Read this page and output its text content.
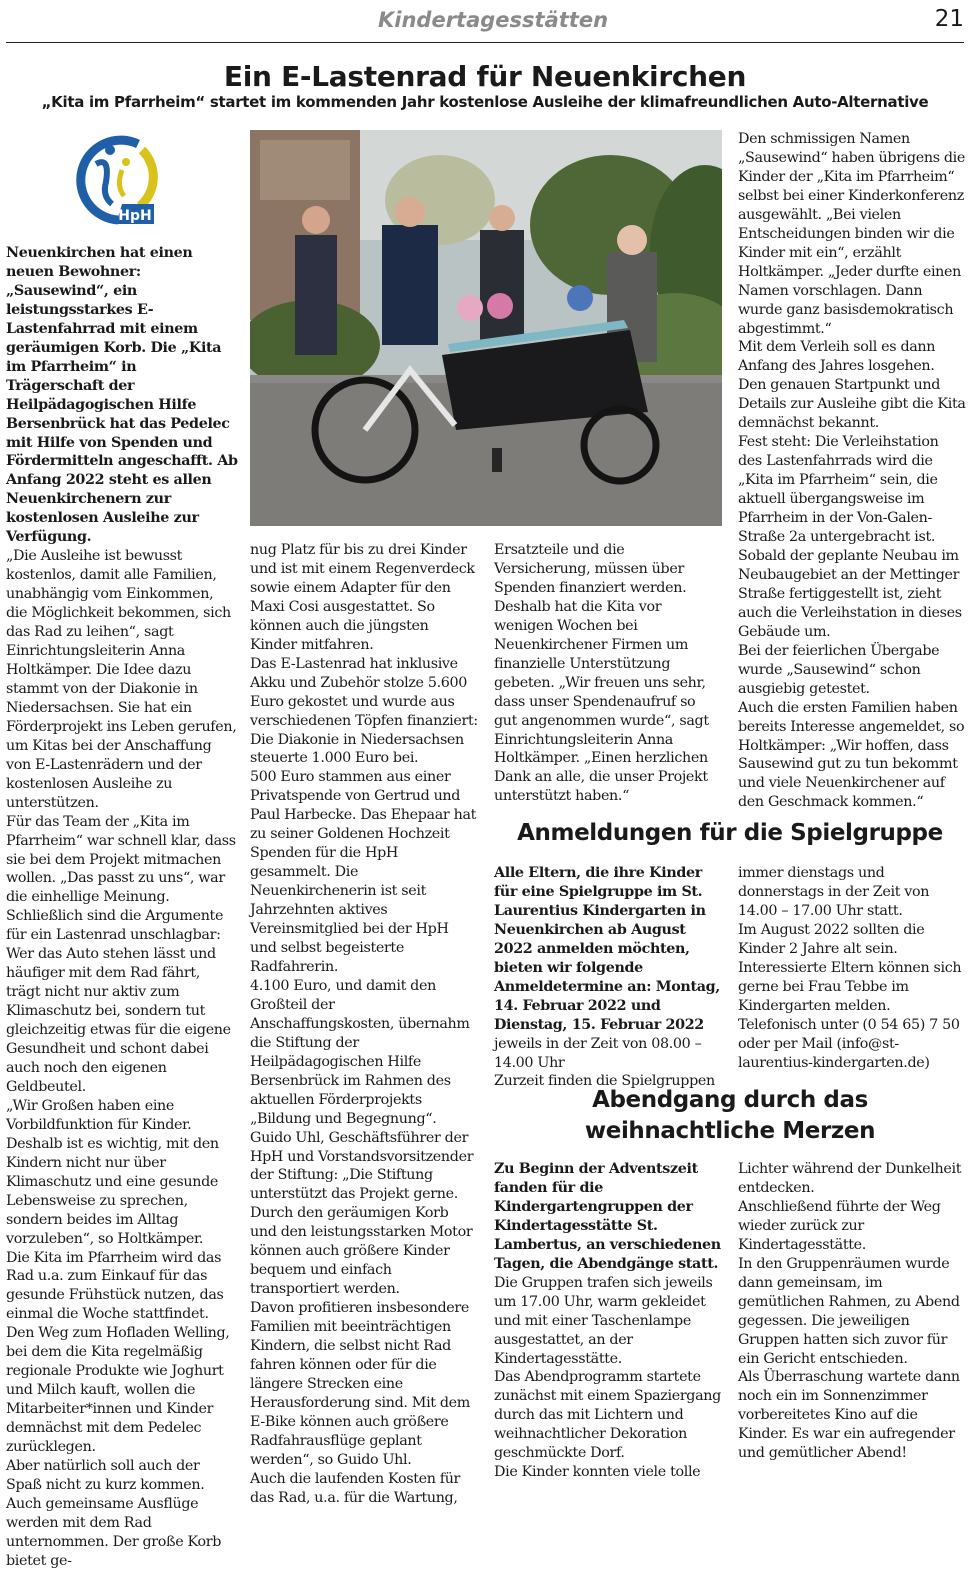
Kindertagesstätten	21
Ein E-Lastenrad für Neuenkirchen
„Kita im Pfarrheim“ startet im kommenden Jahr kostenlose Ausleihe der klimafreundlichen Auto-Alternative
HpH

Neuenkirchen hat einen neuen Bewohner: „Sausewind“, ein leistungsstarkes E-Lastenfahrrad mit einem geräumigen Korb. Die „Kita im Pfarrheim“ in Trägerschaft der Heilpädagogischen Hilfe Bersenbrück hat das Pedelec mit Hilfe von Spenden und Fördermitteln angeschafft. Ab Anfang 2022 steht es allen Neuenkirchenern zur kostenlosen Ausleihe zur Verfügung.

„Die Ausleihe ist bewusst kostenlos, damit alle Familien, unabhängig vom Einkommen, die Möglichkeit bekommen, sich das Rad zu leihen“, sagt Einrichtungsleiterin Anna Holtkämper. Die Idee dazu stammt von der Diakonie in Niedersachsen. Sie hat ein Förderprojekt ins Leben gerufen, um Kitas bei der Anschaffung von E-Lastenrädern und der kostenlosen Ausleihe zu unterstützen.

Für das Team der „Kita im Pfarrheim“ war schnell klar, dass sie bei dem Projekt mitmachen wollen. „Das passt zu uns“, war die einhellige Meinung.

Schließlich sind die Argumente für ein Lastenrad unschlagbar: Wer das Auto stehen lässt und häufiger mit dem Rad fährt, trägt nicht nur aktiv zum Klimaschutz bei, sondern tut gleichzeitig etwas für die eigene Gesundheit und schont dabei auch noch den eigenen Geldbeutel.

„Wir Großen haben eine Vorbildfunktion für Kinder. Deshalb ist es wichtig, mit den Kindern nicht nur über Klimaschutz und eine gesunde Lebensweise zu sprechen, sondern beides im Alltag vorzuleben“, so Holtkämper.

Die Kita im Pfarrheim wird das Rad u.a. zum Einkauf für das gesunde Frühstück nutzen, das einmal die Woche stattfindet. Den Weg zum Hofladen Welling, bei dem die Kita regelmäßig regionale Produkte wie Joghurt und Milch kauft, wollen die Mitarbeiter*innen und Kinder demnächst mit dem Pedelec zurücklegen.

Aber natürlich soll auch der Spaß nicht zu kurz kommen. Auch gemeinsame Ausflüge werden mit dem Rad unternommen. Der große Korb bietet ge-

nug Platz für bis zu drei Kinder und ist mit einem Regenverdeck sowie einem Adapter für den Maxi Cosi ausgestattet. So können auch die jüngsten Kinder mitfahren.

Das E-Lastenrad hat inklusive Akku und Zubehör stolze 5.600 Euro gekostet und wurde aus verschiedenen Töpfen finanziert:

Die Diakonie in Niedersachsen steuerte 1.000 Euro bei.

500 Euro stammen aus einer Privatspende von Gertrud und Paul Harbecke. Das Ehepaar hat zu seiner Goldenen Hochzeit Spenden für die HpH gesammelt. Die Neuenkirchenerin ist seit Jahrzehnten aktives Vereinsmitglied bei der HpH und selbst begeisterte Radfahrerin.

4.100 Euro, und damit den Großteil der Anschaffungskosten, übernahm die Stiftung der Heilpädagogischen Hilfe Bersenbrück im Rahmen des aktuellen Förderprojekts „Bildung und Begegnung“.

Guido Uhl, Geschäftsführer der HpH und Vorstandsvorsitzender der Stiftung: „Die Stiftung unterstützt das Projekt gerne. Durch den geräumigen Korb und den leistungsstarken Motor können auch größere Kinder bequem und einfach transportiert werden.

Davon profitieren insbesondere Familien mit beeinträchtigen Kindern, die selbst nicht Rad fahren können oder für die längere Strecken eine Herausforderung sind. Mit dem E-Bike können auch größere Radfahrausflüge geplant werden“, so Guido Uhl.

Auch die laufenden Kosten für das Rad, u.a. für die Wartung,

Ersatzteile und die Versicherung, müssen über Spenden finanziert werden.

Deshalb hat die Kita vor wenigen Wochen bei Neuenkirchener Firmen um finanzielle Unterstützung gebeten. „Wir freuen uns sehr, dass unser Spendenaufruf so gut angenommen wurde“, sagt Einrichtungsleiterin Anna Holtkämper. „Einen herzlichen Dank an alle, die unser Projekt unterstützt haben.“

Den schmissigen Namen „Sausewind“ haben übrigens die Kinder der „Kita im Pfarrheim“ selbst bei einer Kinderkonferenz ausgewählt. „Bei vielen Entscheidungen binden wir die Kinder mit ein“, erzählt Holtkämper. „Jeder durfte einen Namen vorschlagen. Dann wurde ganz basisdemokratisch abgestimmt.“

Mit dem Verleih soll es dann Anfang des Jahres losgehen. Den genauen Startpunkt und Details zur Ausleihe gibt die Kita demnächst bekannt.

Fest steht: Die Verleihstation des Lastenfahrrads wird die „Kita im Pfarrheim“ sein, die aktuell übergangsweise im Pfarrheim in der Von-Galen-Straße 2a untergebracht ist.

Sobald der geplante Neubau im Neubaugebiet an der Mettinger Straße fertiggestellt ist, zieht auch die Verleihstation in dieses Gebäude um.

Bei der feierlichen Übergabe wurde „Sausewind“ schon ausgiebig getestet.

Auch die ersten Familien haben bereits Interesse angemeldet, so Holtkämper: „Wir hoffen, dass Sausewind gut zu tun bekommt und viele Neuenkirchener auf den Geschmack kommen.“

Anmeldungen für die Spielgruppe

Alle Eltern, die ihre Kinder für eine Spielgruppe im St. Laurentius Kindergarten in Neuenkirchen ab August 2022 anmelden möchten, bieten wir folgende Anmeldetermine an: Montag, 14. Februar 2022 und Dienstag, 15. Februar 2022

jeweils in der Zeit von 08.00 – 14.00 Uhr

Zurzeit finden die Spielgruppen

immer dienstags und donnerstags in der Zeit von 14.00 – 17.00 Uhr statt.

Im August 2022 sollten die Kinder 2 Jahre alt sein.

Interessierte Eltern können sich gerne bei Frau Tebbe im Kindergarten melden.

Telefonisch unter (0 54 65) 7 50 oder per Mail (info@st-laurentius-kindergarten.de)

Abendgang durch das weihnachtliche Merzen

Zu Beginn der Adventszeit fanden für die Kindergartengruppen der Kindertagesstätte St. Lambertus, an verschiedenen Tagen, die Abendgänge statt.

Die Gruppen trafen sich jeweils um 17.00 Uhr, warm gekleidet und mit einer Taschenlampe ausgestattet, an der Kindertagesstätte.

Das Abendprogramm startete zunächst mit einem Spaziergang durch das mit Lichtern und weihnachtlicher Dekoration geschmückte Dorf.

Die Kinder konnten viele tolle

Lichter während der Dunkelheit entdecken.

Anschließend führte der Weg wieder zurück zur Kindertagesstätte.

In den Gruppenräumen wurde dann gemeinsam, im gemütlichen Rahmen, zu Abend gegessen. Die jeweiligen Gruppen hatten sich zuvor für ein Gericht entschieden.

Als Überraschung wartete dann noch ein im Sonnenzimmer vorbereitetes Kino auf die Kinder. Es war ein aufregender und gemütlicher Abend!
